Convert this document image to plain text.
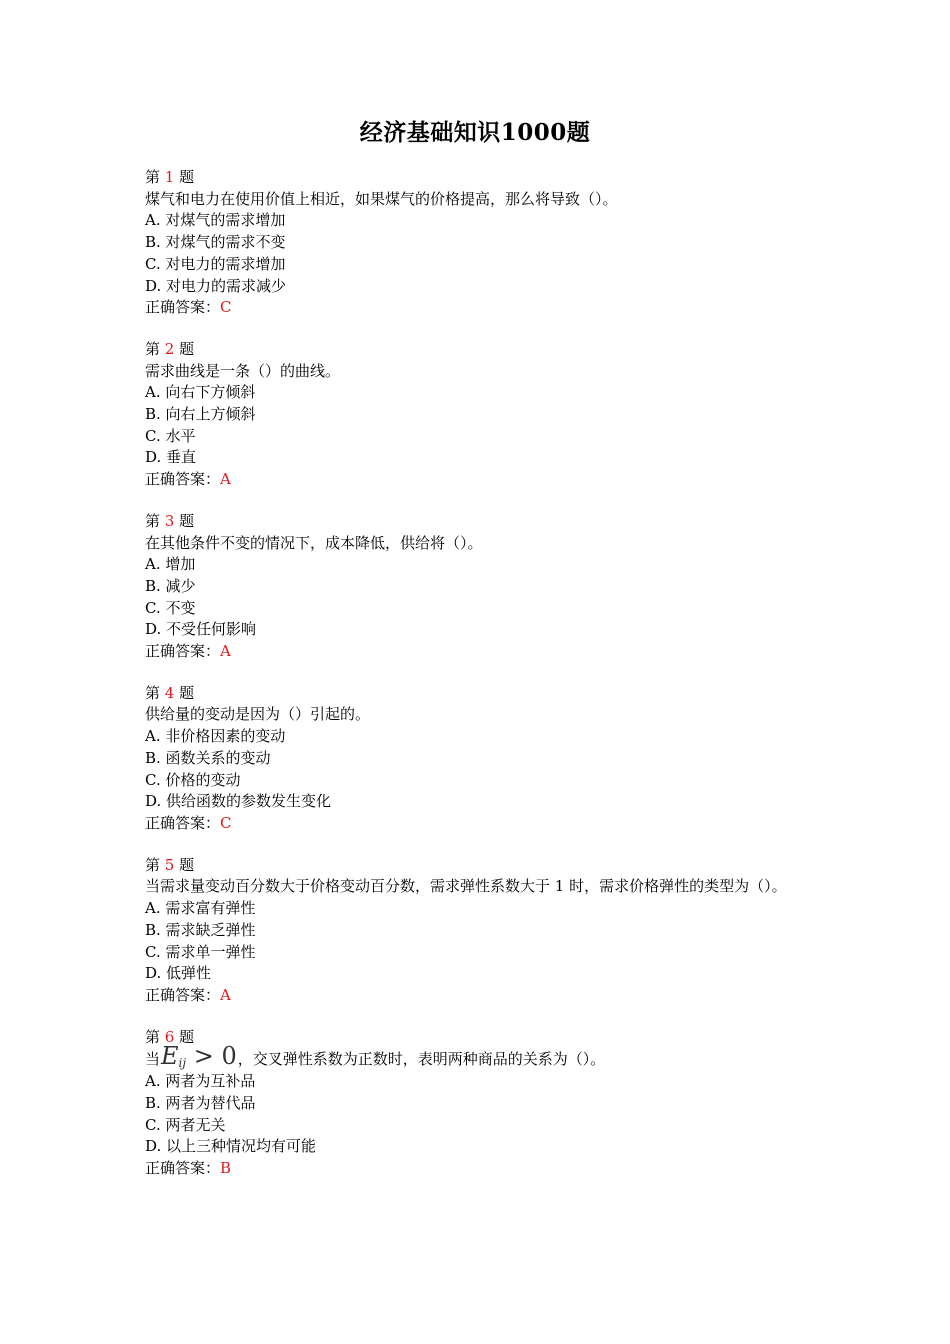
经济基础知识1000题
第 1 题
煤气和电力在使用价值上相近，如果煤气的价格提高，那么将导致（）。
A. 对煤气的需求增加
B. 对煤气的需求不变
C. 对电力的需求增加
D. 对电力的需求减少
正确答案：C
第 2 题
需求曲线是一条（）的曲线。
A. 向右下方倾斜
B. 向右上方倾斜
C. 水平
D. 垂直
正确答案：A
第 3 题
在其他条件不变的情况下，成本降低，供给将（）。
A. 增加
B. 减少
C. 不变
D. 不受任何影响
正确答案：A
第 4 题
供给量的变动是因为（）引起的。
A. 非价格因素的变动
B. 函数关系的变动
C. 价格的变动
D. 供给函数的参数发生变化
正确答案：C
第 5 题
当需求量变动百分数大于价格变动百分数，需求弹性系数大于 1 时，需求价格弹性的类型为（）。
A. 需求富有弹性
B. 需求缺乏弹性
C. 需求单一弹性
D. 低弹性
正确答案：A
第 6 题
当$E_{ij} > 0$，交叉弹性系数为正数时，表明两种商品的关系为（）。
A. 两者为互补品
B. 两者为替代品
C. 两者无关
D. 以上三种情况均有可能
正确答案：B
